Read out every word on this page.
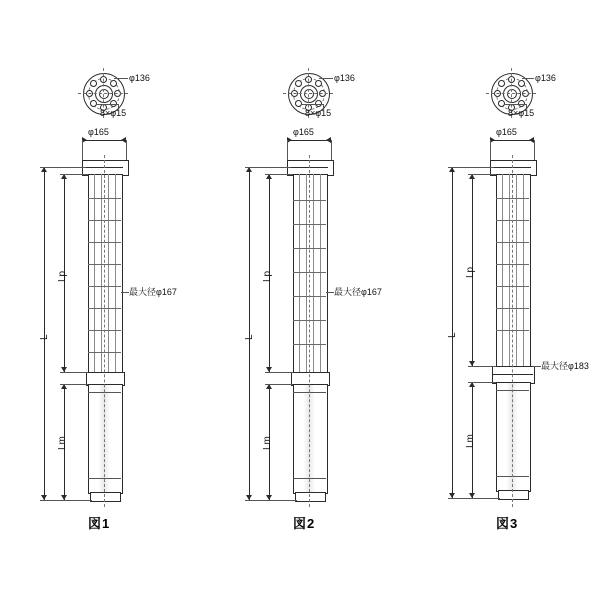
φ136
8×φ15
φ165
最大径φ167
Lp
L
Lm
図1
φ136
8×φ15
φ165
最大径φ167
Lp
L
Lm
図2
φ136
8×φ15
φ165
最大径φ183
Lp
L
Lm
図3
